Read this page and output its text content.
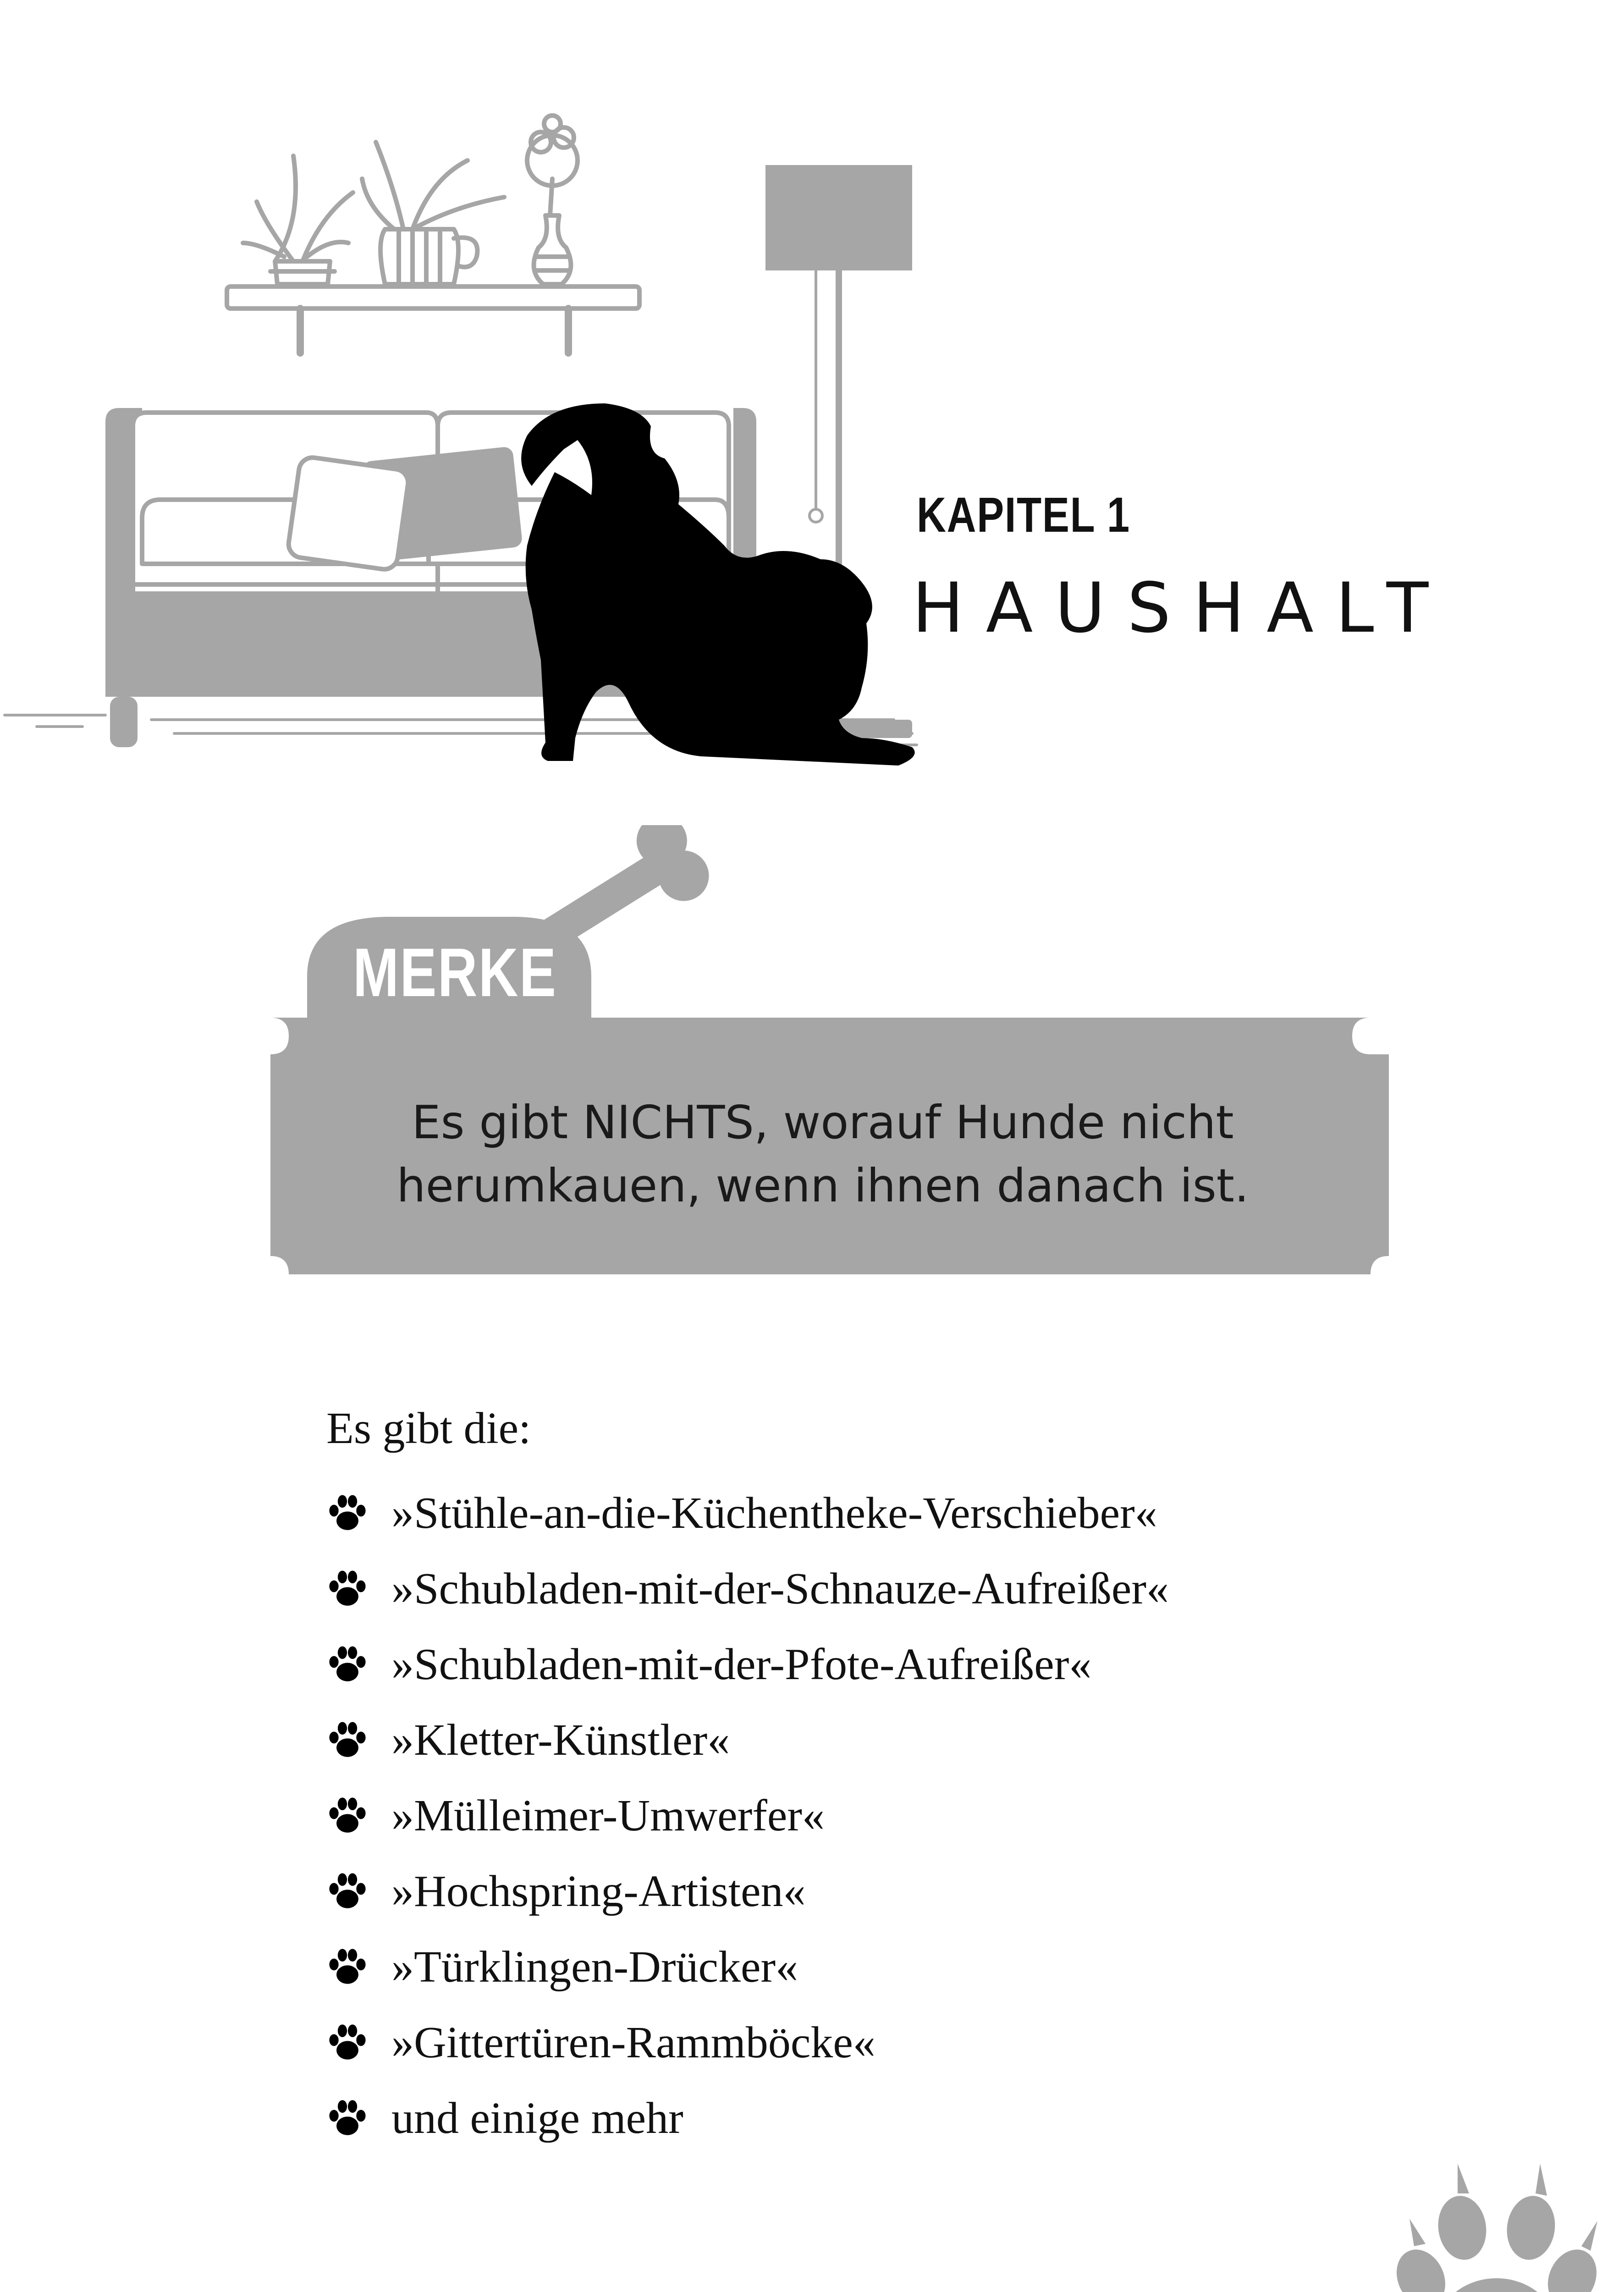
KAPITEL 1
HAUSHALT
MERKE
Es gibt NICHTS, worauf Hunde nicht
herumkauen, wenn ihnen danach ist.
Es gibt die:
»Stühle-an-die-Küchentheke-Verschieber«
»Schubladen-mit-der-Schnauze-Aufreißer«
»Schubladen-mit-der-Pfote-Aufreißer«
»Kletter-Künstler«
»Mülleimer-Umwerfer«
»Hochspring-Artisten«
»Türklingen-Drücker«
»Gittertüren-Rammböcke«
und einige mehr
